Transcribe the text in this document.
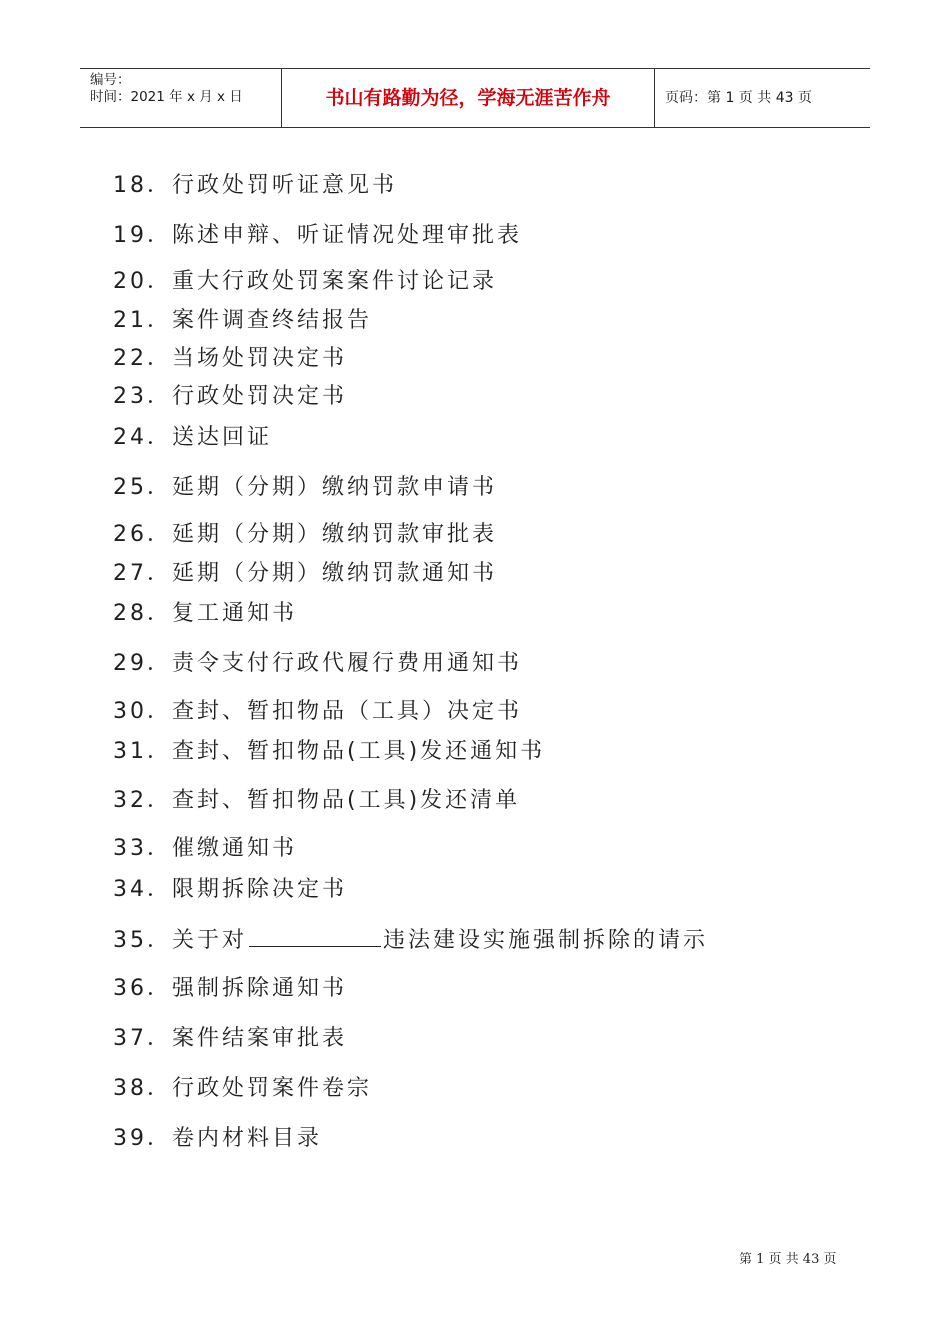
编号：
时间：2021 年 x 月 x 日	书山有路勤为径，学海无涯苦作舟	页码：第 1 页 共 43 页
18．行政处罚听证意见书
19．陈述申辩、听证情况处理审批表
20．重大行政处罚案案件讨论记录
21．案件调查终结报告
22．当场处罚决定书
23．行政处罚决定书
24．送达回证
25．延期（分期）缴纳罚款申请书
26．延期（分期）缴纳罚款审批表
27．延期（分期）缴纳罚款通知书
28．复工通知书
29．责令支付行政代履行费用通知书
30．查封、暂扣物品（工具）决定书
31．查封、暂扣物品(工具)发还通知书
32．查封、暂扣物品(工具)发还清单
33．催缴通知书
34．限期拆除决定书
35．关于对	违法建设实施强制拆除的请示
36．强制拆除通知书
37．案件结案审批表
38．行政处罚案件卷宗
39．卷内材料目录
第 1 页 共 43 页
